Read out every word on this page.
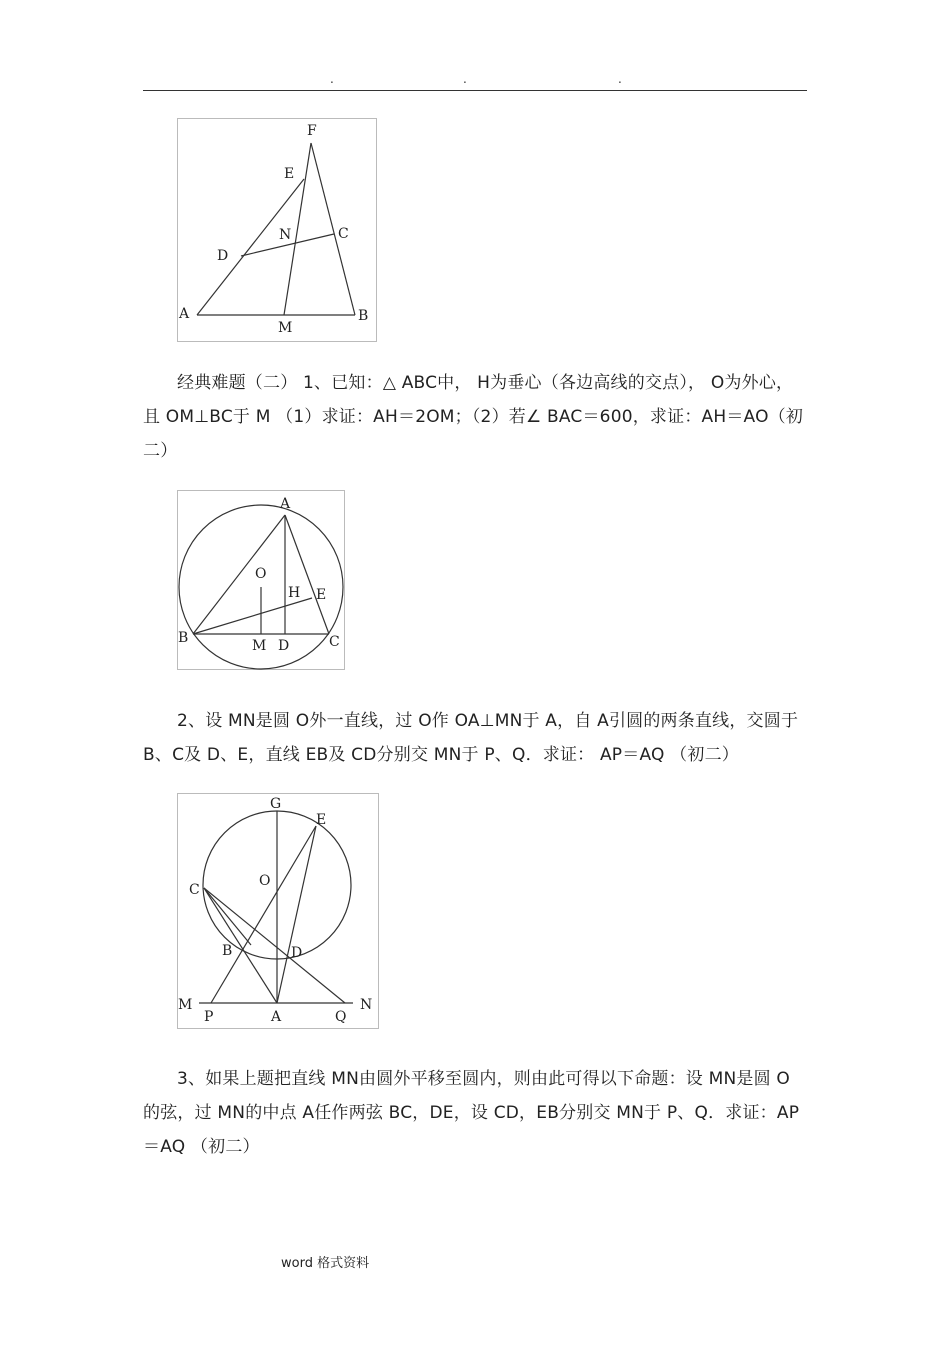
.	.	.
F
E
N	C
D
A
M
B

经典难题（二） 1、已知：△ ABC中， H为垂心（各边高线的交点）， O为外心，且 OM⊥BC于 M （1）求证：AH＝2OM；（2）若∠ BAC＝600，求证：AH＝AO（初二）

A
O
H E
B	M D	C

2、设 MN是圆 O外一直线，过 O作 OA⊥MN于 A，自 A引圆的两条直线，交圆于 B、C及 D、E，直线 EB及 CD分别交 MN于 P、Q．求证： AP＝AQ （初二）

G
E
O
C
B	D
M
P	A	Q
N

3、如果上题把直线 MN由圆外平移至圆内，则由此可得以下命题：设 MN是圆 O的弦，过 MN的中点 A任作两弦 BC，DE，设 CD，EB分别交 MN于 P、Q．求证：AP＝AQ （初二）

word 格式资料
